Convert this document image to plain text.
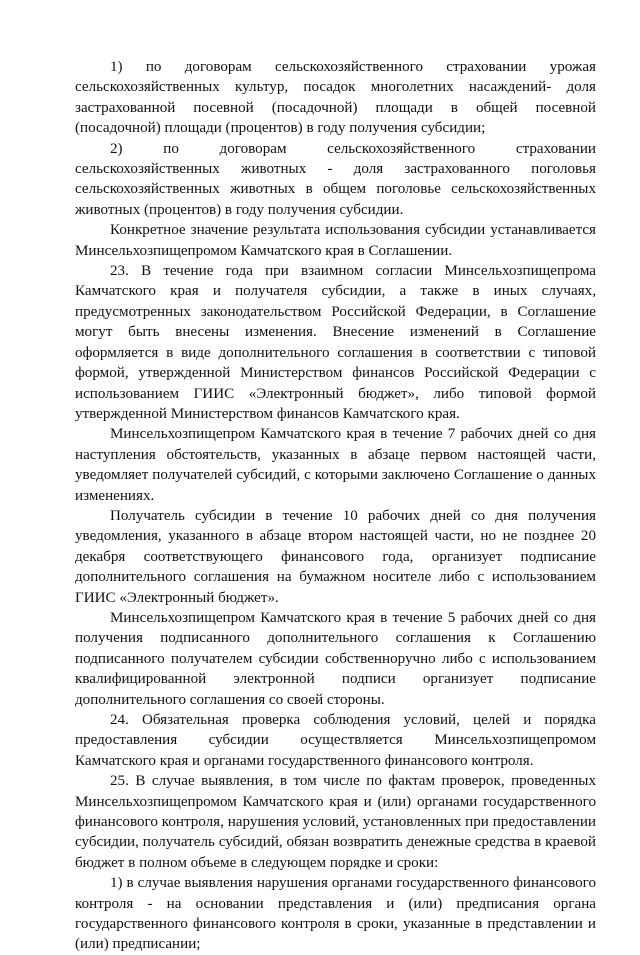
1) по договорам сельскохозяйственного страховании урожая сельскохозяйственных культур, посадок многолетних насаждений- доля застрахованной посевной (посадочной) площади в общей посевной (посадочной) площади (процентов) в году получения субсидии;

2) по договорам сельскохозяйственного страховании сельскохозяйственных животных - доля застрахованного поголовья сельскохозяйственных животных в общем поголовье сельскохозяйственных животных (процентов) в году получения субсидии.

Конкретное значение результата использования субсидии устанавливается Минсельхозпищепромом Камчатского края в Соглашении.

23. В течение года при взаимном согласии Минсельхозпищепрома Камчатского края и получателя субсидии, а также в иных случаях, предусмотренных законодательством Российской Федерации, в Соглашение могут быть внесены изменения. Внесение изменений в Соглашение оформляется в виде дополнительного соглашения в соответствии с типовой формой, утвержденной Министерством финансов Российской Федерации с использованием ГИИС «Электронный бюджет», либо типовой формой утвержденной Министерством финансов Камчатского края.

Минсельхозпищепром Камчатского края в течение 7 рабочих дней со дня наступления обстоятельств, указанных в абзаце первом настоящей части, уведомляет получателей субсидий, с которыми заключено Соглашение о данных изменениях.

Получатель субсидии в течение 10 рабочих дней со дня получения уведомления, указанного в абзаце втором настоящей части, но не позднее 20 декабря соответствующего финансового года, организует подписание дополнительного соглашения на бумажном носителе либо с использованием ГИИС «Электронный бюджет».

Минсельхозпищепром Камчатского края в течение 5 рабочих дней со дня получения подписанного дополнительного соглашения к Соглашению подписанного получателем субсидии собственноручно либо с использованием квалифицированной электронной подписи организует подписание дополнительного соглашения со своей стороны.

24. Обязательная проверка соблюдения условий, целей и порядка предоставления субсидии осуществляется Минсельхозпищепромом Камчатского края и органами государственного финансового контроля.

25. В случае выявления, в том числе по фактам проверок, проведенных Минсельхозпищепромом Камчатского края и (или) органами государственного финансового контроля, нарушения условий, установленных при предоставлении субсидии, получатель субсидий, обязан возвратить денежные средства в краевой бюджет в полном объеме в следующем порядке и сроки:

1) в случае выявления нарушения органами государственного финансового контроля - на основании представления и (или) предписания органа государственного финансового контроля в сроки, указанные в представлении и (или) предписании;
